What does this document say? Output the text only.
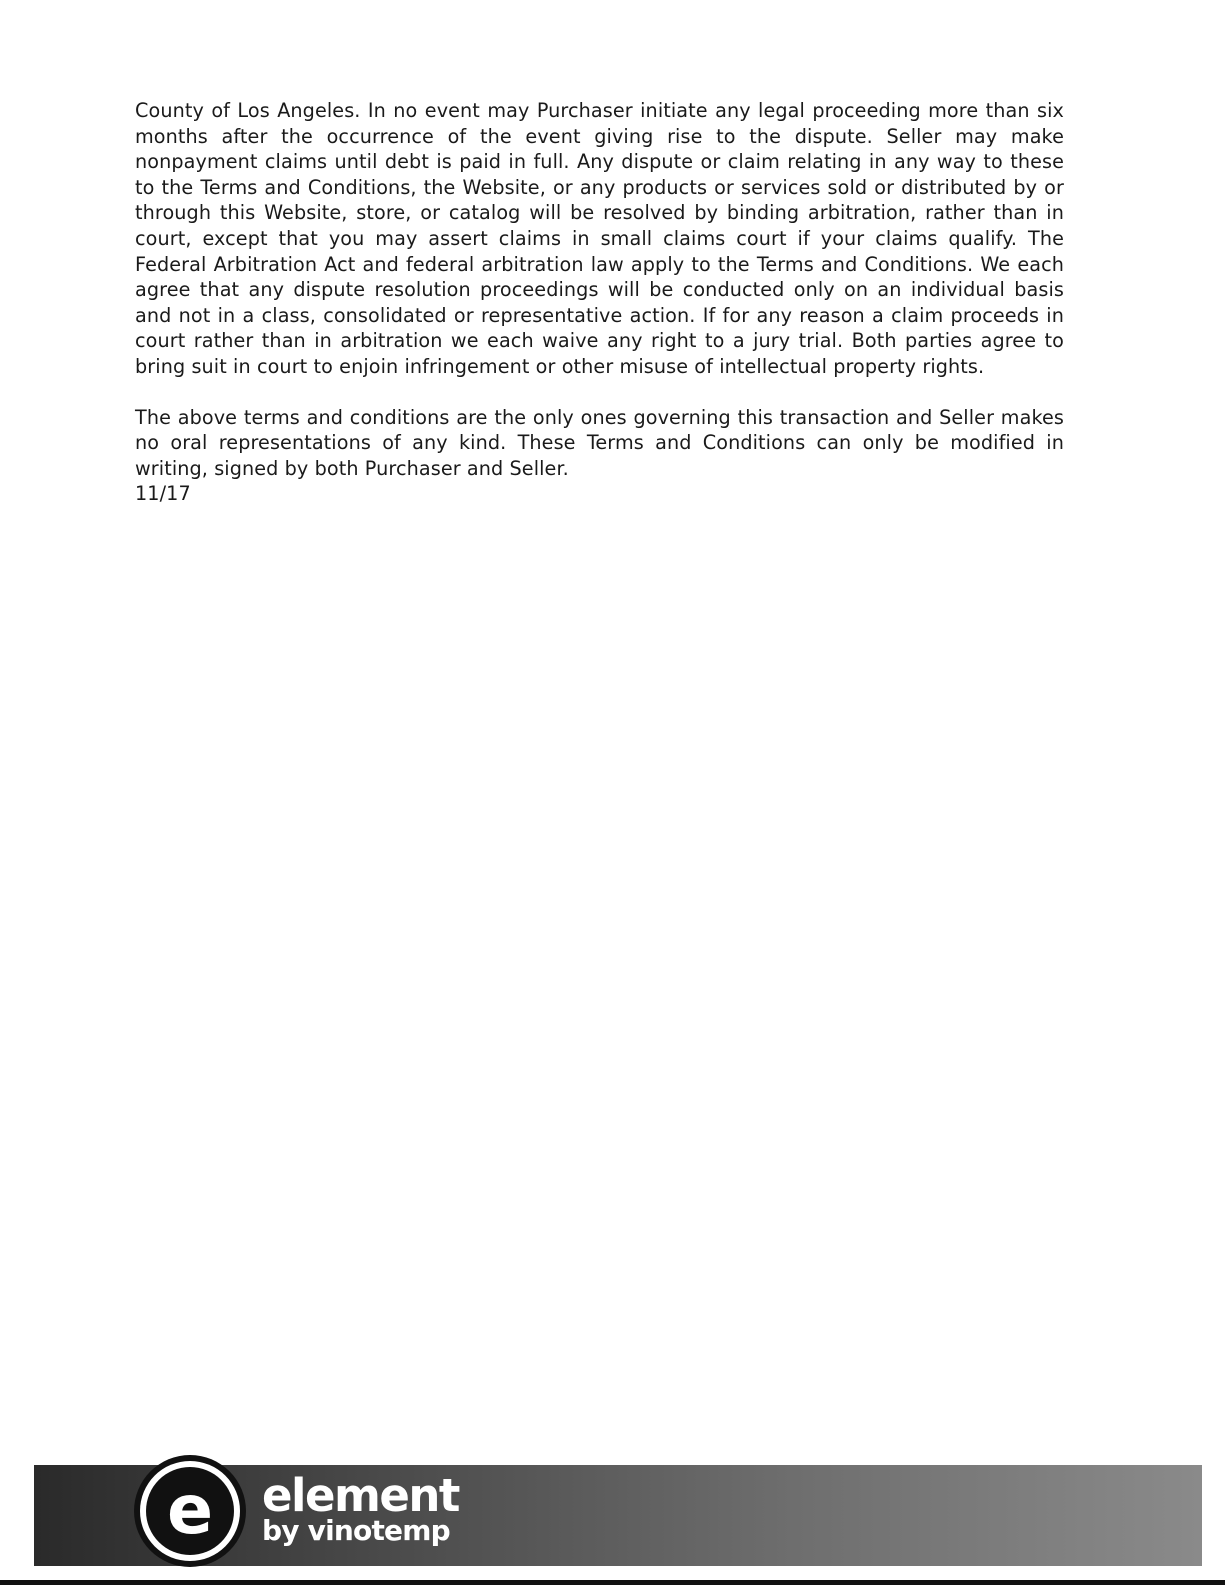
County of Los Angeles. In no event may Purchaser initiate any legal proceeding more than six months after the occurrence of the event giving rise to the dispute. Seller may make nonpayment claims until debt is paid in full. Any dispute or claim relating in any way to these to the Terms and Conditions, the Website, or any products or services sold or distributed by or through this Website, store, or catalog will be resolved by binding arbitration, rather than in court, except that you may assert claims in small claims court if your claims qualify. The Federal Arbitration Act and federal arbitration law apply to the Terms and Conditions. We each agree that any dispute resolution proceedings will be conducted only on an individual basis and not in a class, consolidated or representative action. If for any reason a claim proceeds in court rather than in arbitration we each waive any right to a jury trial. Both parties agree to bring suit in court to enjoin infringement or other misuse of intellectual property rights.

The above terms and conditions are the only ones governing this transaction and Seller makes no oral representations of any kind. These Terms and Conditions can only be modified in writing, signed by both Purchaser and Seller.
11/17

e element
by vinotemp
